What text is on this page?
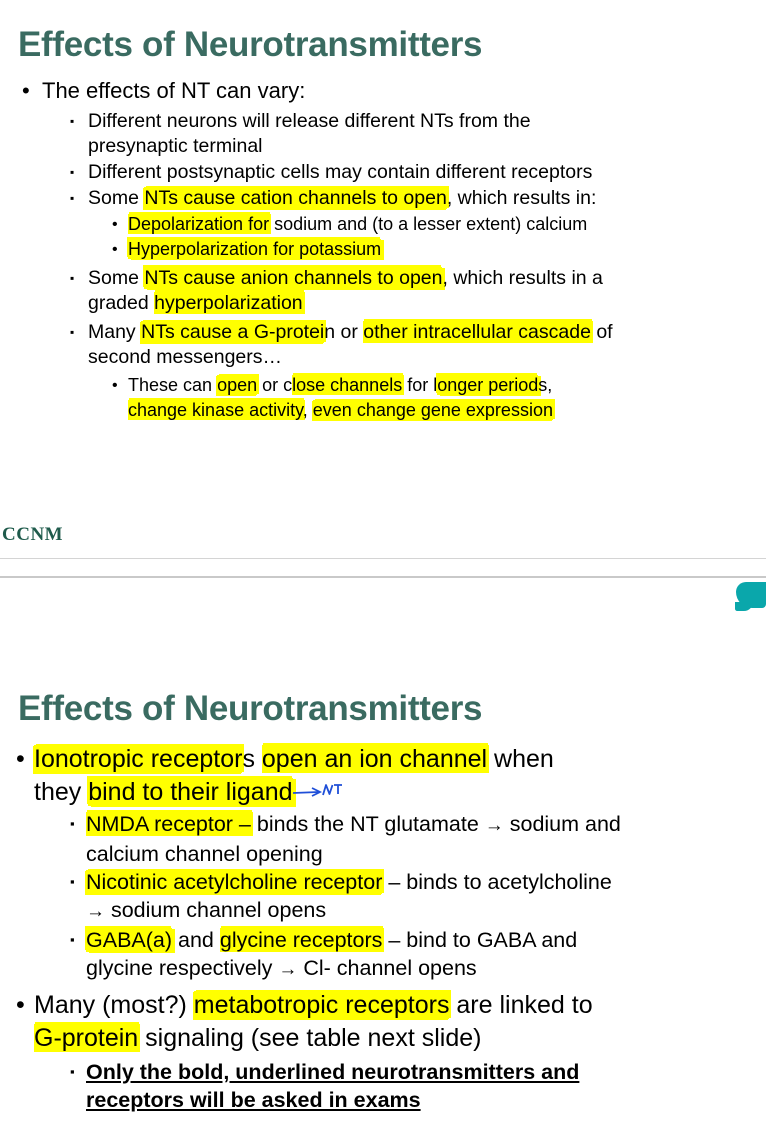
Effects of Neurotransmitters
• The effects of NT can vary:
▪ Different neurons will release different NTs from the
presynaptic terminal
▪ Different postsynaptic cells may contain different receptors
▪ Some NTs cause cation channels to open, which results in:
• Depolarization for sodium and (to a lesser extent) calcium
• Hyperpolarization for potassium
▪ Some NTs cause anion channels to open, which results in a
graded hyperpolarization
▪ Many NTs cause a G-protein or other intracellular cascade of
second messengers…
• These can open or close channels for longer periods,
change kinase activity, even change gene expression
CCNM
Effects of Neurotransmitters
• Ionotropic receptors open an ion channel when
they bind to their ligand
▪ NMDA receptor – binds the NT glutamate → sodium and
calcium channel opening
▪ Nicotinic acetylcholine receptor – binds to acetylcholine
→ sodium channel opens
▪ GABA(a) and glycine receptors – bind to GABA and
glycine respectively → Cl- channel opens
• Many (most?) metabotropic receptors are linked to
G-protein signaling (see table next slide)
▪ Only the bold, underlined neurotransmitters and
receptors will be asked in exams
